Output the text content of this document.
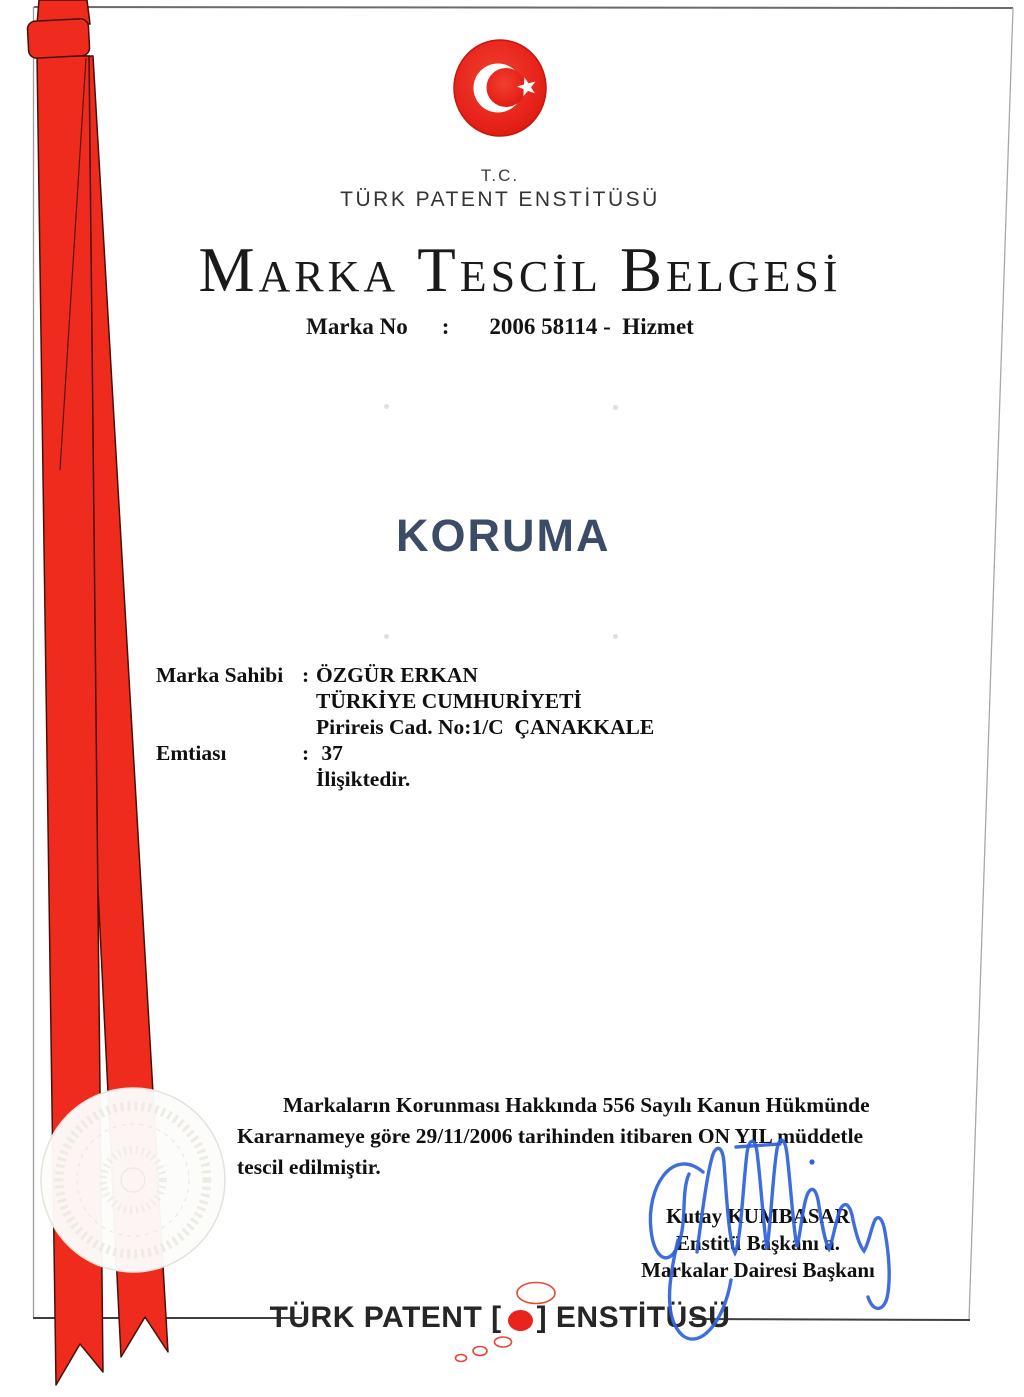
T.C.
TÜRK PATENT ENSTİTÜSÜ
MARKA TESCİL BELGESİ
Marka No : 2006 58114 -  Hizmet
KORUMA
Marka Sahibi : ÖZGÜR ERKAN
TÜRKİYE CUMHURİYETİ
Pirireis Cad. No:1/C  ÇANAKKALE
Emtiası	: 37
İlişiktedir.
Markaların Korunması Hakkında 556 Sayılı Kanun Hükmünde
Kararnameye göre 29/11/2006 tarihinden itibaren ON YIL müddetle
tescil edilmiştir.
Kutay KUMBASAR
Enstitü Başkanı a.
Markalar Dairesi Başkanı
TÜRK PATENT [ ] ENSTİTÜSÜ
